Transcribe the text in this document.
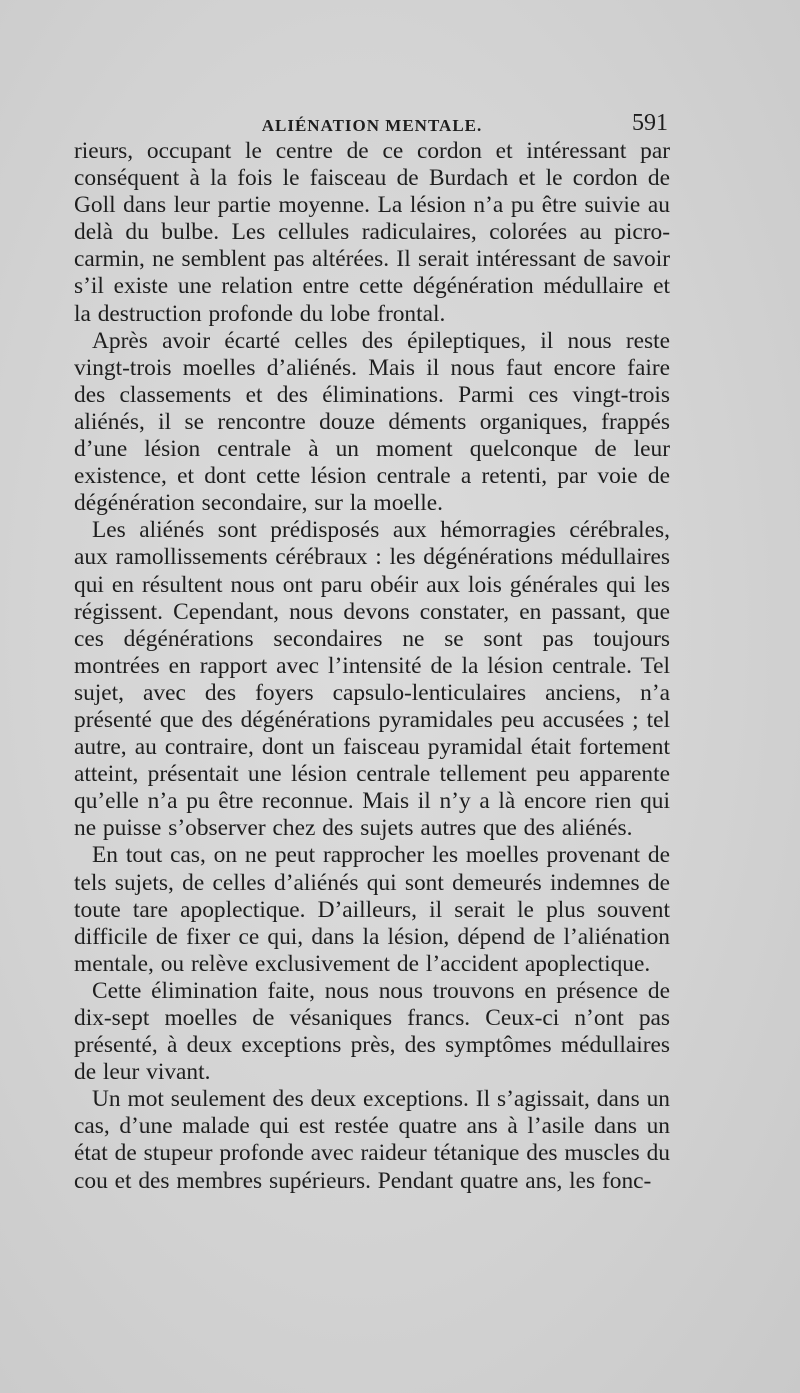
ALIÉNATION MENTALE.	591

rieurs, occupant le centre de ce cordon et intéressant par conséquent à la fois le faisceau de Burdach et le cordon de Goll dans leur partie moyenne. La lésion n’a pu être suivie au delà du bulbe. Les cellules radiculaires, colorées au picro-carmin, ne semblent pas altérées. Il serait intéressant de savoir s’il existe une relation entre cette dégénération médullaire et la destruction profonde du lobe frontal.

Après avoir écarté celles des épileptiques, il nous reste vingt-trois moelles d’aliénés. Mais il nous faut encore faire des classements et des éliminations. Parmi ces vingt-trois aliénés, il se rencontre douze déments organiques, frappés d’une lésion centrale à un moment quelconque de leur existence, et dont cette lésion centrale a retenti, par voie de dégénération secondaire, sur la moelle.

Les aliénés sont prédisposés aux hémorragies cérébrales, aux ramollissements cérébraux : les dégénérations médullaires qui en résultent nous ont paru obéir aux lois générales qui les régissent. Cependant, nous devons constater, en passant, que ces dégénérations secondaires ne se sont pas toujours montrées en rapport avec l’intensité de la lésion centrale. Tel sujet, avec des foyers capsulo-lenticulaires anciens, n’a présenté que des dégénérations pyramidales peu accusées ; tel autre, au contraire, dont un faisceau pyramidal était fortement atteint, présentait une lésion centrale tellement peu apparente qu’elle n’a pu être reconnue. Mais il n’y a là encore rien qui ne puisse s’observer chez des sujets autres que des aliénés.

En tout cas, on ne peut rapprocher les moelles provenant de tels sujets, de celles d’aliénés qui sont demeurés indemnes de toute tare apoplectique. D’ailleurs, il serait le plus souvent difficile de fixer ce qui, dans la lésion, dépend de l’aliénation mentale, ou relève exclusivement de l’accident apoplectique.

Cette élimination faite, nous nous trouvons en présence de dix-sept moelles de vésaniques francs. Ceux-ci n’ont pas présenté, à deux exceptions près, des symptômes médullaires de leur vivant.

Un mot seulement des deux exceptions. Il s’agissait, dans un cas, d’une malade qui est restée quatre ans à l’asile dans un état de stupeur profonde avec raideur tétanique des muscles du cou et des membres supérieurs. Pendant quatre ans, les fonc-
